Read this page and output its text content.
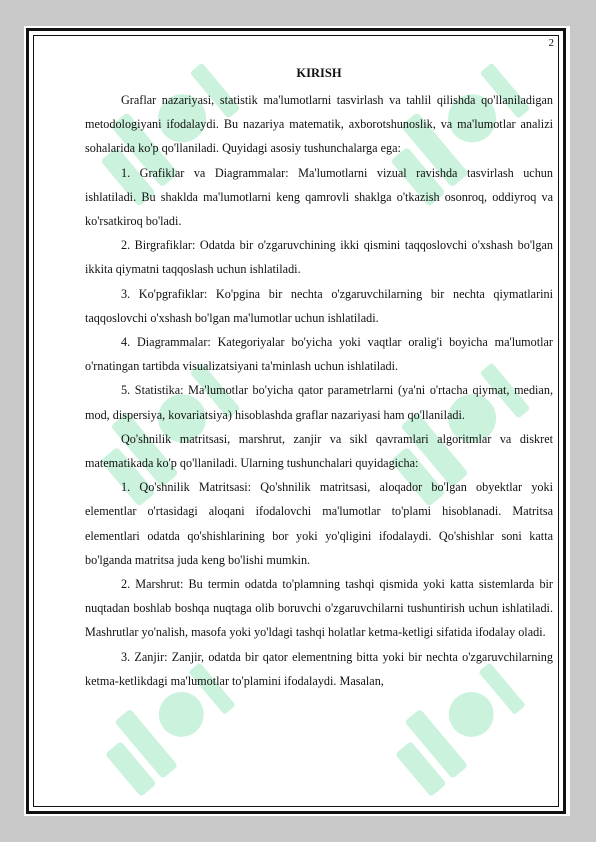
2

KIRISH

Graflar nazariyasi, statistik ma'lumotlarni tasvirlash va tahlil qilishda qo'llaniladigan metodologiyani ifodalaydi. Bu nazariya matematik, axborotshunoslik, va ma'lumotlar analizi sohalarida ko'p qo'llaniladi. Quyidagi asosiy tushunchalarga ega:

1. Grafiklar va Diagrammalar: Ma'lumotlarni vizual ravishda tasvirlash uchun ishlatiladi. Bu shaklda ma'lumotlarni keng qamrovli shaklga o'tkazish osonroq, oddiyroq va ko'rsatkiroq bo'ladi.

2. Birgrafiklar: Odatda bir o'zgaruvchining ikki qismini taqqoslovchi o'xshash bo'lgan ikkita qiymatni taqqoslash uchun ishlatiladi.

3. Ko'pgrafiklar: Ko'pgina bir nechta o'zgaruvchilarning bir nechta qiymatlarini taqqoslovchi o'xshash bo'lgan ma'lumotlar uchun ishlatiladi.

4. Diagrammalar: Kategoriyalar bo'yicha yoki vaqtlar oralig'i boyicha ma'lumotlar o'rnatingan tartibda visualizatsiyani ta'minlash uchun ishlatiladi.

5. Statistika: Ma'lumotlar bo'yicha qator parametrlarni (ya'ni o'rtacha qiymat, median, mod, dispersiya, kovariatsiya) hisoblashda graflar nazariyasi ham qo'llaniladi.

Qo'shnilik matritsasi, marshrut, zanjir va sikl qavramlari algoritmlar va diskret matematikada ko'p qo'llaniladi. Ularning tushunchalari quyidagicha:

1. Qo'shnilik Matritsasi: Qo'shnilik matritsasi, aloqador bo'lgan obyektlar yoki elementlar o'rtasidagi aloqani ifodalovchi ma'lumotlar to'plami hisoblanadi. Matritsa elementlari odatda qo'shishlarining bor yoki yo'qligini ifodalaydi. Qo'shishlar soni katta bo'lganda matritsa juda keng bo'lishi mumkin.

2. Marshrut: Bu termin odatda to'plamning tashqi qismida yoki katta sistemlarda bir nuqtadan boshlab boshqa nuqtaga olib boruvchi o'zgaruvchilarni tushuntirish uchun ishlatiladi. Mashrutlar yo'nalish, masofa yoki yo'ldagi tashqi holatlar ketma-ketligi sifatida ifodalay oladi.

3. Zanjir: Zanjir, odatda bir qator elementning bitta yoki bir nechta o'zgaruvchilarning ketma-ketlikdagi ma'lumotlar to'plamini ifodalaydi. Masalan,
